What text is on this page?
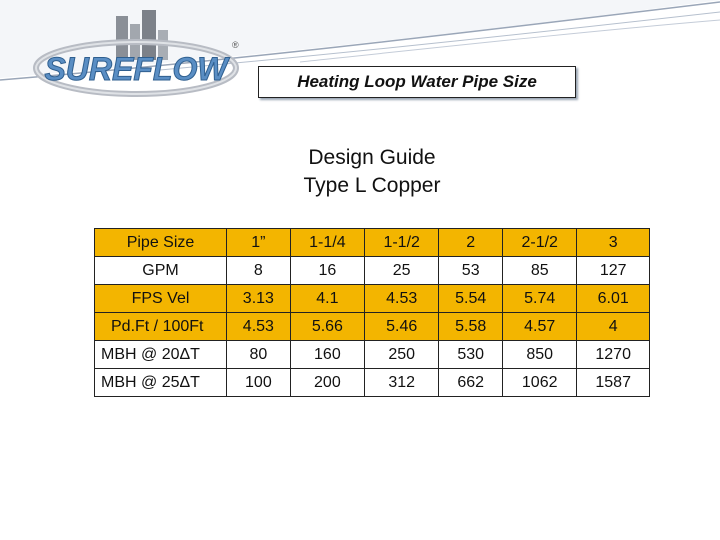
SUREFLOW
®
Heating Loop Water Pipe Size
Design Guide
Type L Copper
Pipe Size	1”	1-1/4	1-1/2	2	2-1/2	3
GPM	8	16	25	53	85	127
FPS Vel	3.13	4.1	4.53	5.54	5.74	6.01
Pd.Ft / 100Ft	4.53	5.66	5.46	5.58	4.57	4
MBH @ 20ΔT	80	160	250	530	850	1270
MBH @ 25ΔT	100	200	312	662	1062	1587
